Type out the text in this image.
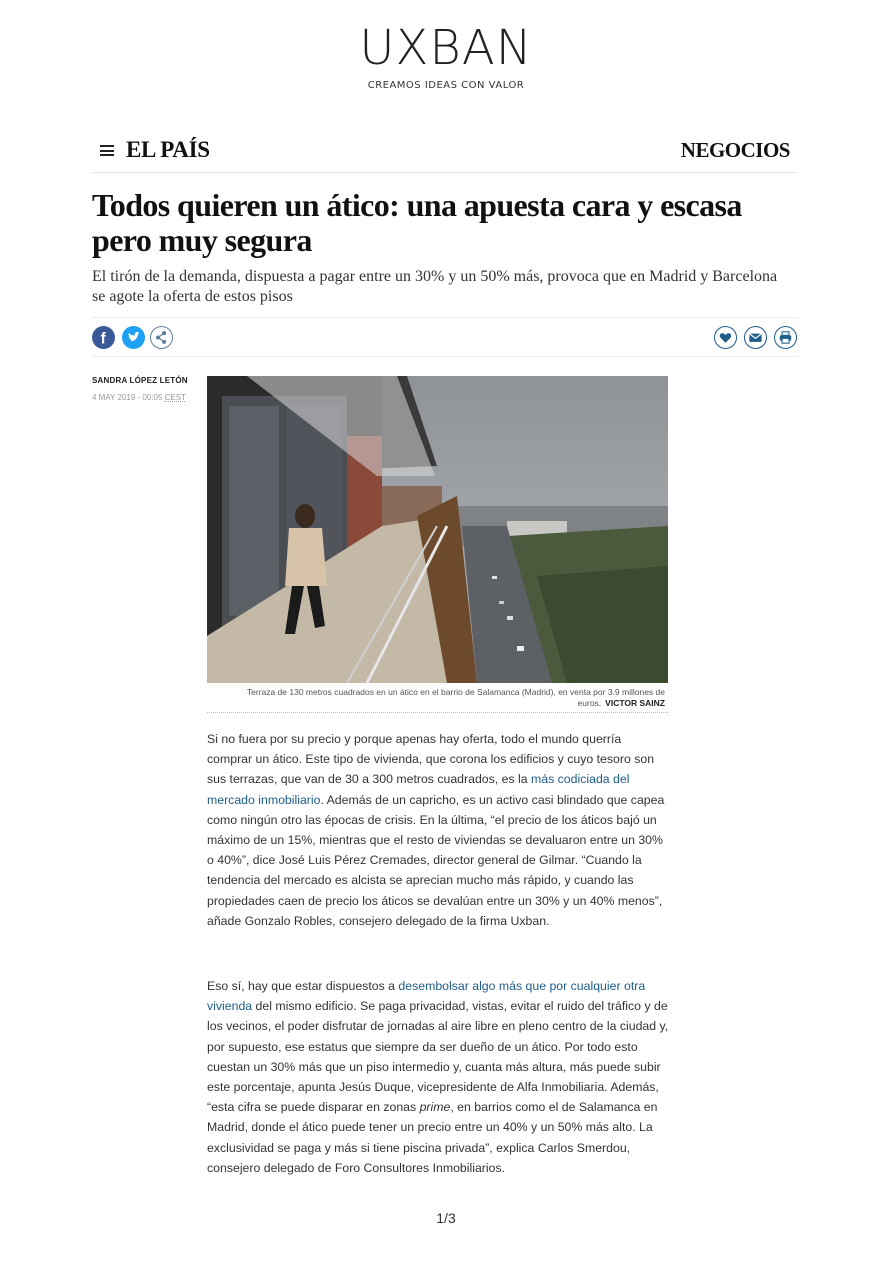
UXBAN
CREAMOS IDEAS CON VALOR
EL PAÍS	NEGOCIOS
Todos quieren un ático: una apuesta cara y escasa pero muy segura

El tirón de la demanda, dispuesta a pagar entre un 30% y un 50% más, provoca que en Madrid y Barcelona se agote la oferta de estos pisos

f
SANDRA LÓPEZ LETÓN
4 MAY 2019 - 00:05 CEST
Terraza de 130 metros cuadrados en un ático en el barrio de Salamanca (Madrid), en venta por 3.9 millones de euros. VICTOR SAINZ

Si no fuera por su precio y porque apenas hay oferta, todo el mundo querría comprar un ático. Este tipo de vivienda, que corona los edificios y cuyo tesoro son sus terrazas, que van de 30 a 300 metros cuadrados, es la más codiciada del mercado inmobiliario. Además de un capricho, es un activo casi blindado que capea como ningún otro las épocas de crisis. En la última, “el precio de los áticos bajó un máximo de un 15%, mientras que el resto de viviendas se devaluaron entre un 30% o 40%”, dice José Luis Pérez Cremades, director general de Gilmar. “Cuando la tendencia del mercado es alcista se aprecian mucho más rápido, y cuando las propiedades caen de precio los áticos se devalúan entre un 30% y un 40% menos”, añade Gonzalo Robles, consejero delegado de la firma Uxban.

Eso sí, hay que estar dispuestos a desembolsar algo más que por cualquier otra vivienda del mismo edificio. Se paga privacidad, vistas, evitar el ruido del tráfico y de los vecinos, el poder disfrutar de jornadas al aire libre en pleno centro de la ciudad y, por supuesto, ese estatus que siempre da ser dueño de un ático. Por todo esto cuestan un 30% más que un piso intermedio y, cuanta más altura, más puede subir este porcentaje, apunta Jesús Duque, vicepresidente de Alfa Inmobiliaria. Además, “esta cifra se puede disparar en zonas prime, en barrios como el de Salamanca en Madrid, donde el ático puede tener un precio entre un 40% y un 50% más alto. La exclusividad se paga y más si tiene piscina privada”, explica Carlos Smerdou, consejero delegado de Foro Consultores Inmobiliarios.

1/3
